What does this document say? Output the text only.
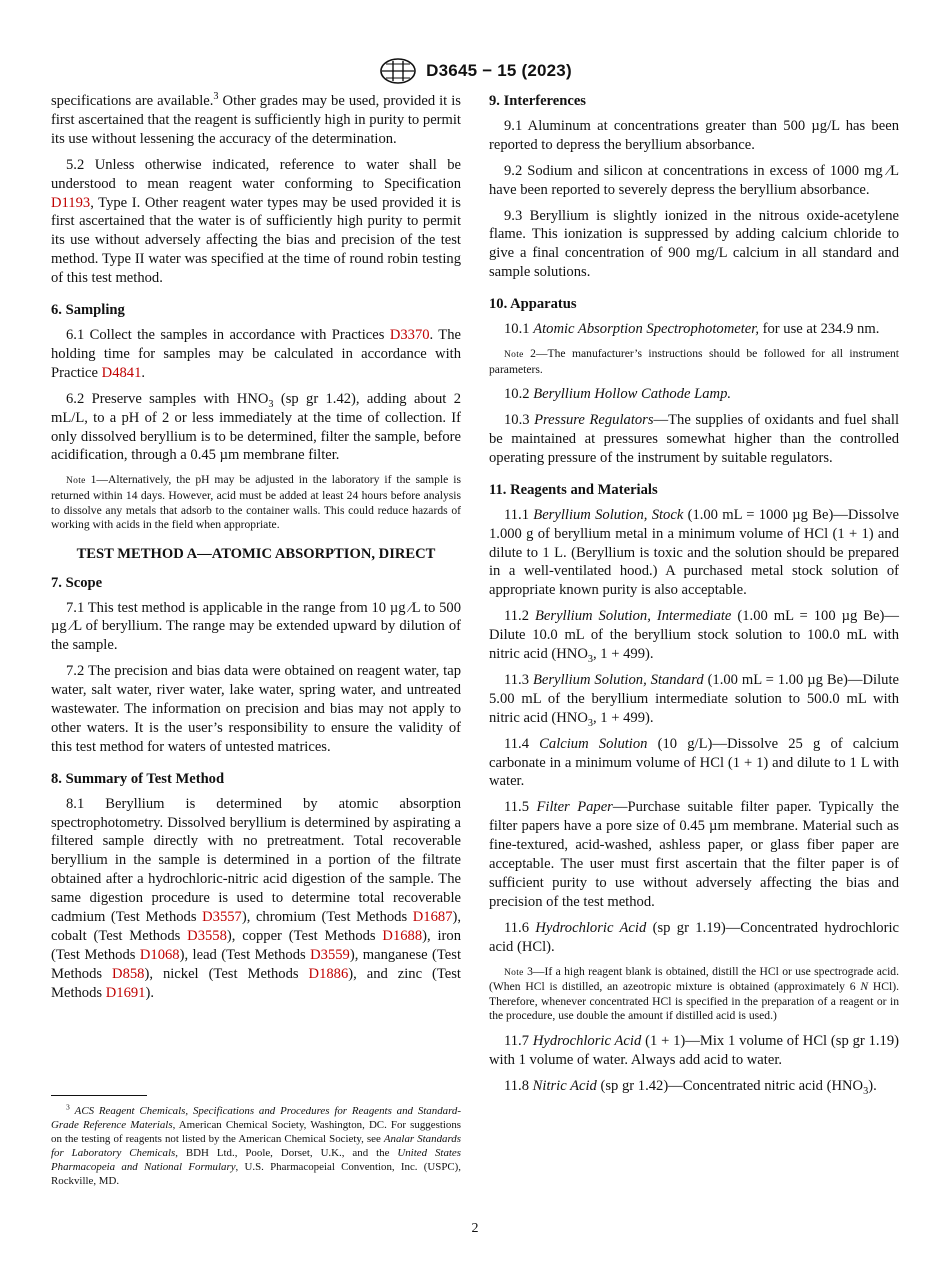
D3645 − 15 (2023)

specifications are available.$^3$ Other grades may be used, provided it is first ascertained that the reagent is sufficiently high in purity to permit its use without lessening the accuracy of the determination.

5.2 Unless otherwise indicated, reference to water shall be understood to mean reagent water conforming to Specification D1193, Type I. Other reagent water types may be used provided it is first ascertained that the water is of sufficiently high purity to permit its use without adversely affecting the bias and precision of the test method. Type II water was specified at the time of round robin testing of this test method.

6. Sampling

6.1 Collect the samples in accordance with Practices D3370. The holding time for samples may be calculated in accordance with Practice D4841.

6.2 Preserve samples with $HNO_3$ (sp gr 1.42), adding about 2 mL/L, to a pH of 2 or less immediately at the time of collection. If only dissolved beryllium is to be determined, filter the sample, before acidification, through a 0.45 µm membrane filter.

Note 1—Alternatively, the pH may be adjusted in the laboratory if the sample is returned within 14 days. However, acid must be added at least 24 hours before analysis to dissolve any metals that adsorb to the container walls. This could reduce hazards of working with acids in the field when appropriate.
TEST METHOD A—ATOMIC ABSORPTION, DIRECT
7. Scope

7.1 This test method is applicable in the range from 10 µg ⁄L to 500 µg ⁄L of beryllium. The range may be extended upward by dilution of the sample.

7.2 The precision and bias data were obtained on reagent water, tap water, salt water, river water, lake water, spring water, and untreated wastewater. The information on precision and bias may not apply to other waters. It is the user’s responsibility to ensure the validity of this test method for waters of untested matrices.

8. Summary of Test Method

8.1 Beryllium is determined by atomic absorption spectrophotometry. Dissolved beryllium is determined by aspirating a filtered sample directly with no pretreatment. Total recoverable beryllium in the sample is determined in a portion of the filtrate obtained after a hydrochloric-nitric acid digestion of the sample. The same digestion procedure is used to determine total recoverable cadmium (Test Methods D3557), chromium (Test Methods D1687), cobalt (Test Methods D3558), copper (Test Methods D1688), iron (Test Methods D1068), lead (Test Methods D3559), manganese (Test Methods D858), nickel (Test Methods D1886), and zinc (Test Methods D1691).

$^3$ ACS Reagent Chemicals, Specifications and Procedures for Reagents and Standard-Grade Reference Materials, American Chemical Society, Washington, DC. For suggestions on the testing of reagents not listed by the American Chemical Society, see Analar Standards for Laboratory Chemicals, BDH Ltd., Poole, Dorset, U.K., and the United States Pharmacopeia and National Formulary, U.S. Pharmacopeial Convention, Inc. (USPC), Rockville, MD.
9. Interferences

9.1 Aluminum at concentrations greater than 500 µg/L has been reported to depress the beryllium absorbance.

9.2 Sodium and silicon at concentrations in excess of 1000 mg ⁄L have been reported to severely depress the beryllium absorbance.

9.3 Beryllium is slightly ionized in the nitrous oxide-acetylene flame. This ionization is suppressed by adding calcium chloride to give a final concentration of 900 mg/L calcium in all standard and sample solutions.

10. Apparatus

10.1 Atomic Absorption Spectrophotometer, for use at 234.9 nm.

Note 2—The manufacturer’s instructions should be followed for all instrument parameters.

10.2 Beryllium Hollow Cathode Lamp.

10.3 Pressure Regulators—The supplies of oxidants and fuel shall be maintained at pressures somewhat higher than the controlled operating pressure of the instrument by suitable regulators.

11. Reagents and Materials

11.1 Beryllium Solution, Stock (1.00 mL = 1000 µg Be)—Dissolve 1.000 g of beryllium metal in a minimum volume of HCl (1 + 1) and dilute to 1 L. (Beryllium is toxic and the solution should be prepared in a well-ventilated hood.) A purchased metal stock solution of appropriate known purity is also acceptable.

11.2 Beryllium Solution, Intermediate (1.00 mL = 100 µg Be)—Dilute 10.0 mL of the beryllium stock solution to 100.0 mL with nitric acid ($HNO_3$, 1 + 499).

11.3 Beryllium Solution, Standard (1.00 mL = 1.00 µg Be)—Dilute 5.00 mL of the beryllium intermediate solution to 500.0 mL with nitric acid ($HNO_3$, 1 + 499).

11.4 Calcium Solution (10 g/L)—Dissolve 25 g of calcium carbonate in a minimum volume of HCl (1 + 1) and dilute to 1 L with water.

11.5 Filter Paper—Purchase suitable filter paper. Typically the filter papers have a pore size of 0.45 µm membrane. Material such as fine-textured, acid-washed, ashless paper, or glass fiber paper are acceptable. The user must first ascertain that the filter paper is of sufficient purity to use without adversely affecting the bias and precision of the test method.

11.6 Hydrochloric Acid (sp gr 1.19)—Concentrated hydrochloric acid (HCl).

Note 3—If a high reagent blank is obtained, distill the HCl or use spectrograde acid. (When HCl is distilled, an azeotropic mixture is obtained (approximately 6 N HCl). Therefore, whenever concentrated HCl is specified in the preparation of a reagent or in the procedure, use double the amount if distilled acid is used.)

11.7 Hydrochloric Acid (1 + 1)—Mix 1 volume of HCl (sp gr 1.19) with 1 volume of water. Always add acid to water.

11.8 Nitric Acid (sp gr 1.42)—Concentrated nitric acid $(HNO_3)$.

2
